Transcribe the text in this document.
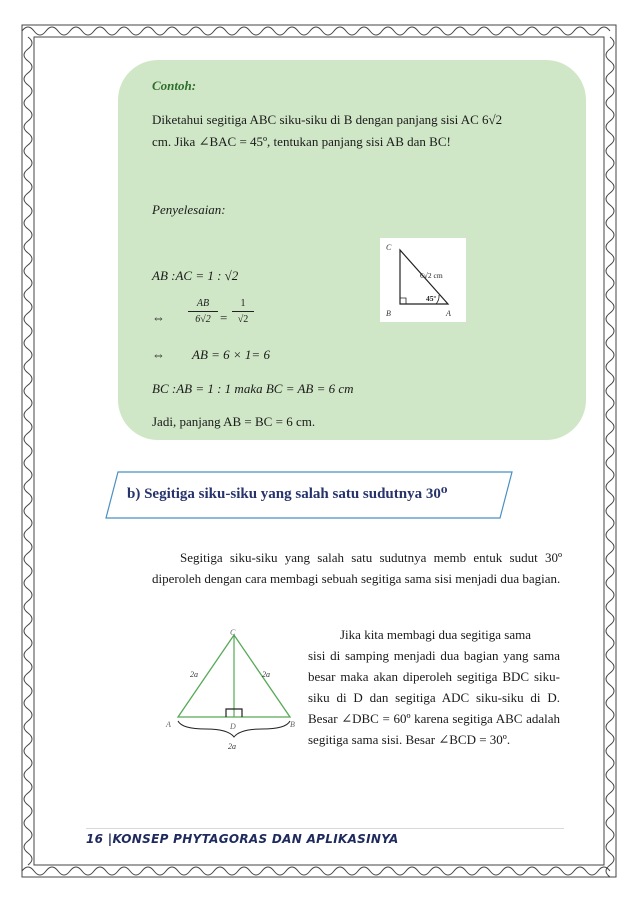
Contoh:
Diketahui segitiga ABC siku-siku di B dengan panjang sisi AC 6√2
cm. Jika ∠BAC = 45º, tentukan panjang sisi AB dan BC!
Penyelesaian:
AB :AC = 1 : √2
⇔
AB
6√2 =
1
√2
⇔ AB = 6 × 1= 6
BC :AB = 1 : 1 maka BC = AB = 6 cm
Jadi, panjang AB = BC = 6 cm.
C
B	A
6√2 cm
45º
b) Segitiga siku-siku yang salah satu sudutnya 30⁰
Segitiga siku-siku yang salah satu sudutnya memb entuk sudut 30º diperoleh dengan cara membagi sebuah segitiga sama sisi menjadi dua bagian.
C
A	B
D
2a	2a
2a
Jika kita membagi dua segitiga sama
sisi di samping menjadi dua bagian yang sama besar maka akan diperoleh segitiga BDC siku-siku di D dan segitiga ADC siku-siku di D. Besar ∠DBC = 60º karena segitiga ABC adalah segitiga sama sisi. Besar ∠BCD = 30º.
16 |KONSEP PHYTAGORAS DAN APLIKASINYA
